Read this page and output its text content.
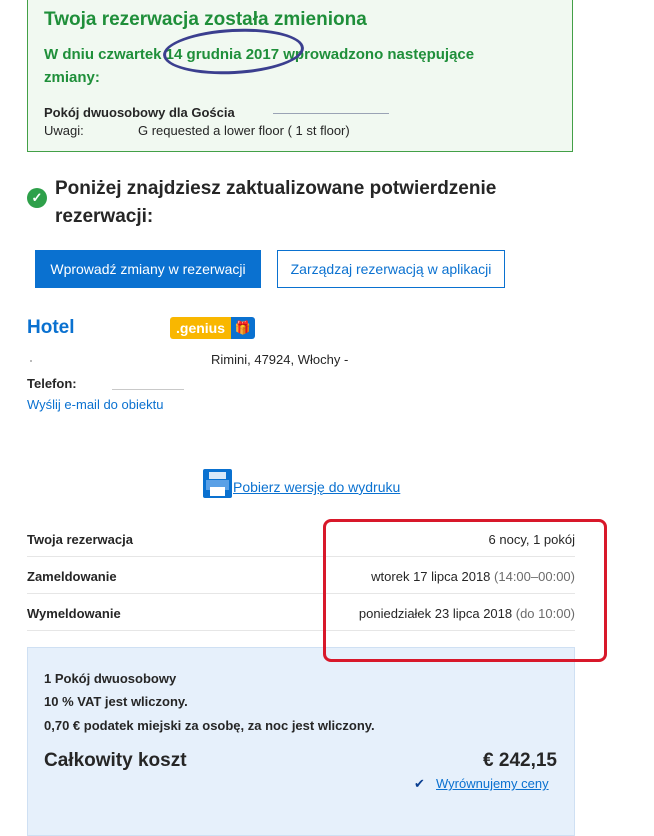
Twoja rezerwacja została zmieniona
W dniu czwartek 14 grudnia 2017 wprowadzono następujące zmiany:
Pokój dwuosobowy dla Gościa
Uwagi:	G requested a lower floor ( 1 st floor)
✓ Poniżej znajdziesz zaktualizowane potwierdzenie rezerwacji:
Wprowadź zmiany w rezerwacji	Zarządzaj rezerwacją w aplikacji
Hotel	.genius 🎁
Rimini, 47924, Włochy -
Telefon:
Wyślij e-mail do obiektu
Pobierz wersję do wydruku
Twoja rezerwacja	6 nocy, 1 pokój
Zameldowanie	wtorek 17 lipca 2018 (14:00–00:00)
Wymeldowanie	poniedziałek 23 lipca 2018 (do 10:00)
1 Pokój dwuosobowy
10 % VAT jest wliczony.
0,70 € podatek miejski za osobę, za noc jest wliczony.
Całkowity koszt	€ 242,15
✔ Wyrównujemy ceny
